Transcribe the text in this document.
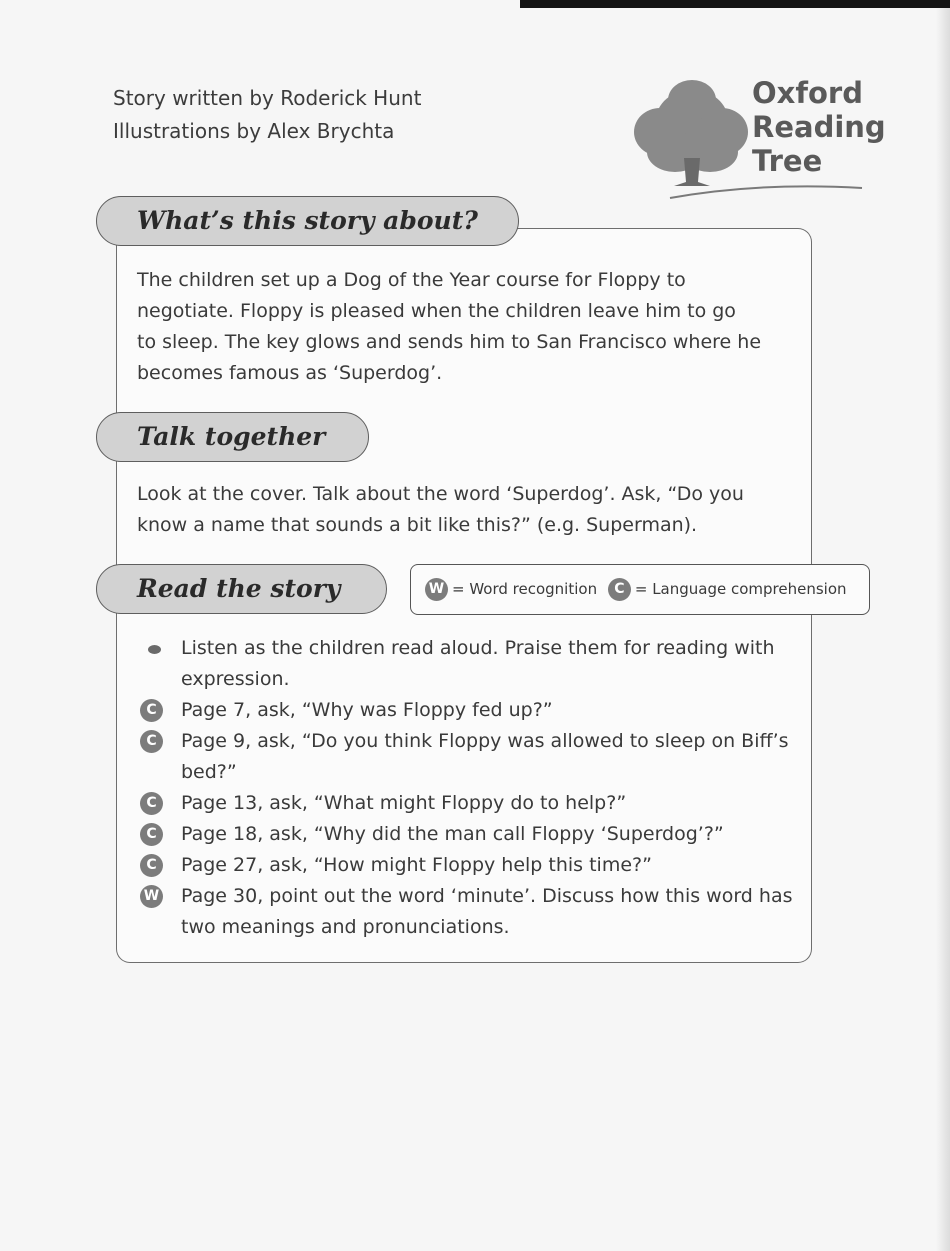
Story written by Roderick Hunt
Illustrations by Alex Brychta
Oxford
Reading
Tree
What’s this story about?
The children set up a Dog of the Year course for Floppy to
negotiate. Floppy is pleased when the children leave him to go
to sleep. The key glows and sends him to San Francisco where he
becomes famous as ‘Superdog’.
Talk together
Look at the cover. Talk about the word ‘Superdog’. Ask, “Do you
know a name that sounds a bit like this?” (e.g. Superman).
Read the story	W = Word recognition C = Language comprehension
Listen as the children read aloud. Praise them for reading with
expression.
C	Page 7, ask, “Why was Floppy fed up?”
C	Page 9, ask, “Do you think Floppy was allowed to sleep on Biff’s
bed?”
C	Page 13, ask, “What might Floppy do to help?”
C	Page 18, ask, “Why did the man call Floppy ‘Superdog’?”
C	Page 27, ask, “How might Floppy help this time?”
W Page 30, point out the word ‘minute’. Discuss how this word has
two meanings and pronunciations.
